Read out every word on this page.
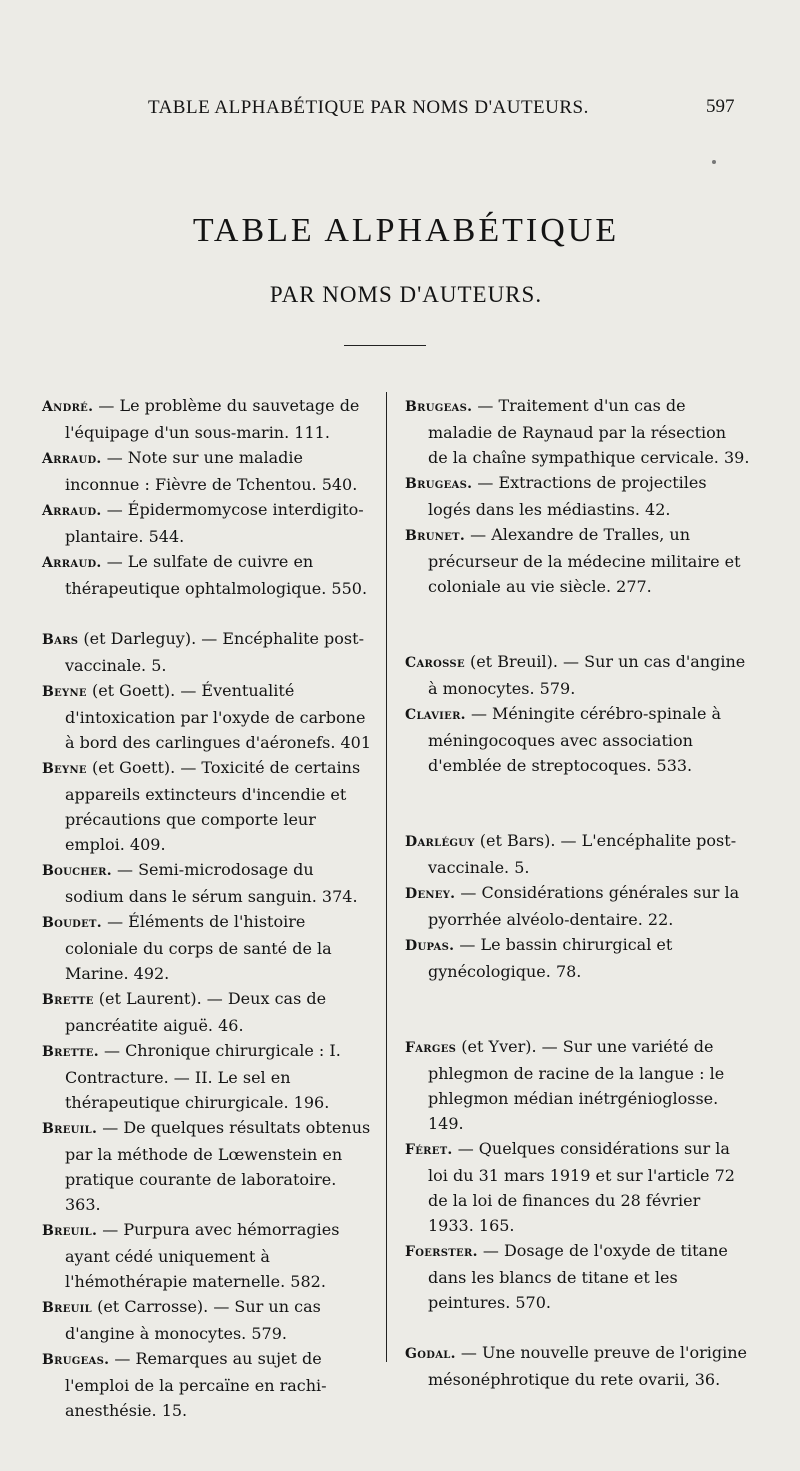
TABLE ALPHABÉTIQUE PAR NOMS D'AUTEURS.	597
TABLE ALPHABÉTIQUE
PAR NOMS D'AUTEURS.

André. — Le problème du sauvetage de l'équipage d'un sous-marin. 111.

Arraud. — Note sur une maladie inconnue : Fièvre de Tchentou. 540.

Arraud. — Épidermomycose interdigito-plantaire. 544.

Arraud. — Le sulfate de cuivre en thérapeutique ophtalmologique. 550.

Bars (et Darleguy). — Encéphalite post-vaccinale. 5.

Beyne (et Goett). — Éventualité d'intoxication par l'oxyde de carbone à bord des carlingues d'aéronefs. 401

Beyne (et Goett). — Toxicité de certains appareils extincteurs d'incendie et précautions que comporte leur emploi. 409.

Boucher. — Semi-microdosage du sodium dans le sérum sanguin. 374.

Boudet. — Éléments de l'histoire coloniale du corps de santé de la Marine. 492.

Brette (et Laurent). — Deux cas de pancréatite aiguë. 46.

Brette. — Chronique chirurgicale : I. Contracture. — II. Le sel en thérapeutique chirurgicale. 196.

Breuil. — De quelques résultats obtenus par la méthode de Lœwenstein en pratique courante de laboratoire. 363.

Breuil. — Purpura avec hémorragies ayant cédé uniquement à l'hémothérapie maternelle. 582.

Breuil (et Carrosse). — Sur un cas d'angine à monocytes. 579.

Brugeas. — Remarques au sujet de l'emploi de la percaïne en rachi-anesthésie. 15.

Brugeas. — Traitement d'un cas de maladie de Raynaud par la résection de la chaîne sympathique cervicale. 39.

Brugeas. — Extractions de projectiles logés dans les médiastins. 42.

Brunet. — Alexandre de Tralles, un précurseur de la médecine militaire et coloniale au vie siècle. 277.

Carosse (et Breuil). — Sur un cas d'angine à monocytes. 579.

Clavier. — Méningite cérébro-spinale à méningocoques avec association d'emblée de streptocoques. 533.

Darléguy (et Bars). — L'encéphalite post-vaccinale. 5.

Deney. — Considérations générales sur la pyorrhée alvéolo-dentaire. 22.

Dupas. — Le bassin chirurgical et gynécologique. 78.

Farges (et Yver). — Sur une variété de phlegmon de racine de la langue : le phlegmon médian inétrgénioglosse. 149.

Féret. — Quelques considérations sur la loi du 31 mars 1919 et sur l'article 72 de la loi de finances du 28 février 1933. 165.

Foerster. — Dosage de l'oxyde de titane dans les blancs de titane et les peintures. 570.

Godal. — Une nouvelle preuve de l'origine mésonéphrotique du rete ovarii, 36.
